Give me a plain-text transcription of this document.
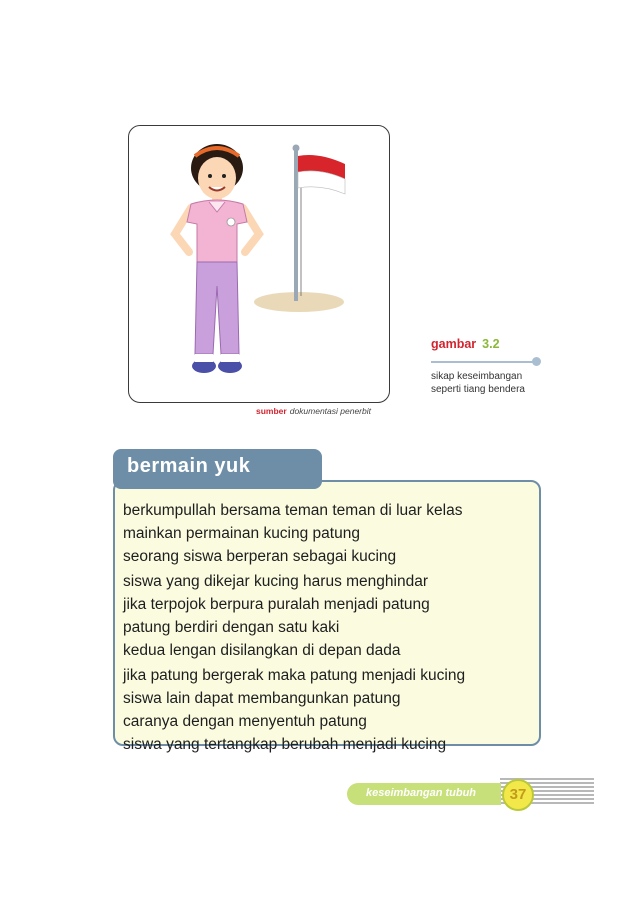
sumber dokumentasi penerbit
gambar 3.2
sikap keseimbangan seperti tiang bendera
bermain yuk
berkumpullah bersama teman teman di luar kelas
mainkan permainan kucing patung
seorang siswa berperan sebagai kucing
siswa yang dikejar kucing harus menghindar
jika terpojok berpura puralah menjadi patung
patung berdiri dengan satu kaki
kedua lengan disilangkan di depan dada
jika patung bergerak maka patung menjadi kucing
siswa lain dapat membangunkan patung
caranya dengan menyentuh patung
siswa yang tertangkap berubah menjadi kucing
keseimbangan tubuh	37
